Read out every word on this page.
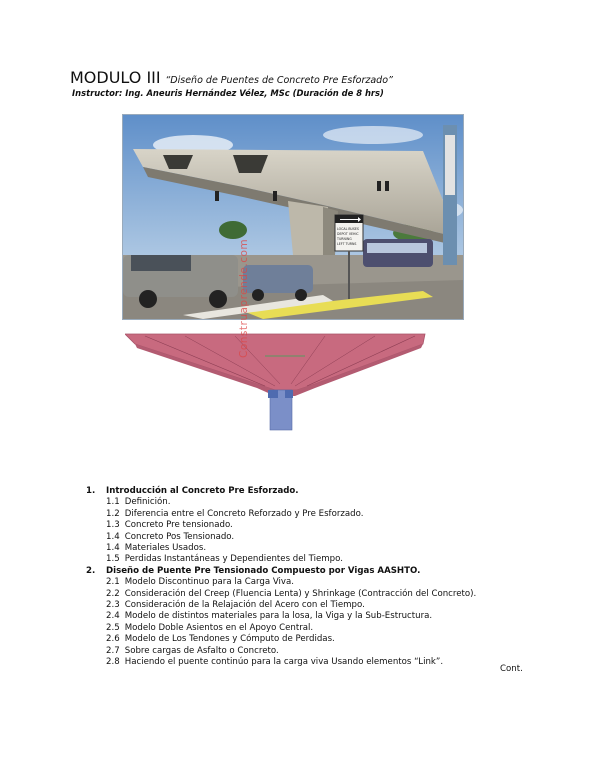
MODULO III “Diseño de Puentes de Concreto Pre Esforzado”
Instructor: Ing. Aneuris Hernández Vélez, MSc (Duración de 8 hrs)
LOCAL BUSES
DEPOT VEHIC
TURNING
LEFT TURNS
Construaprende.com
1.	Introducción al Concreto Pre Esforzado.
1.1
Definición.
1.2
Diferencia entre el Concreto Reforzado y Pre Esforzado.
1.3
Concreto Pre tensionado.
1.4
Concreto Pos Tensionado.
1.4
Materiales Usados.
1.5
Perdidas Instantáneas y Dependientes del Tiempo.
2.	Diseño de Puente Pre Tensionado Compuesto por Vigas AASHTO.
2.1
Modelo Discontinuo para la Carga Viva.
2.2
Consideración del Creep (Fluencia Lenta) y Shrinkage (Contracción del Concreto).
2.3
Consideración de la Relajación del Acero con el Tiempo.
2.4
Modelo de distintos materiales para la losa, la Viga y la Sub-Estructura.
2.5
Modelo Doble Asientos en el Apoyo Central.
2.6
Modelo de Los Tendones y Cómputo de Perdidas.
2.7
Sobre cargas de Asfalto o Concreto.
2.8
Haciendo el puente continúo para la carga viva Usando elementos “Link”.
Cont.
